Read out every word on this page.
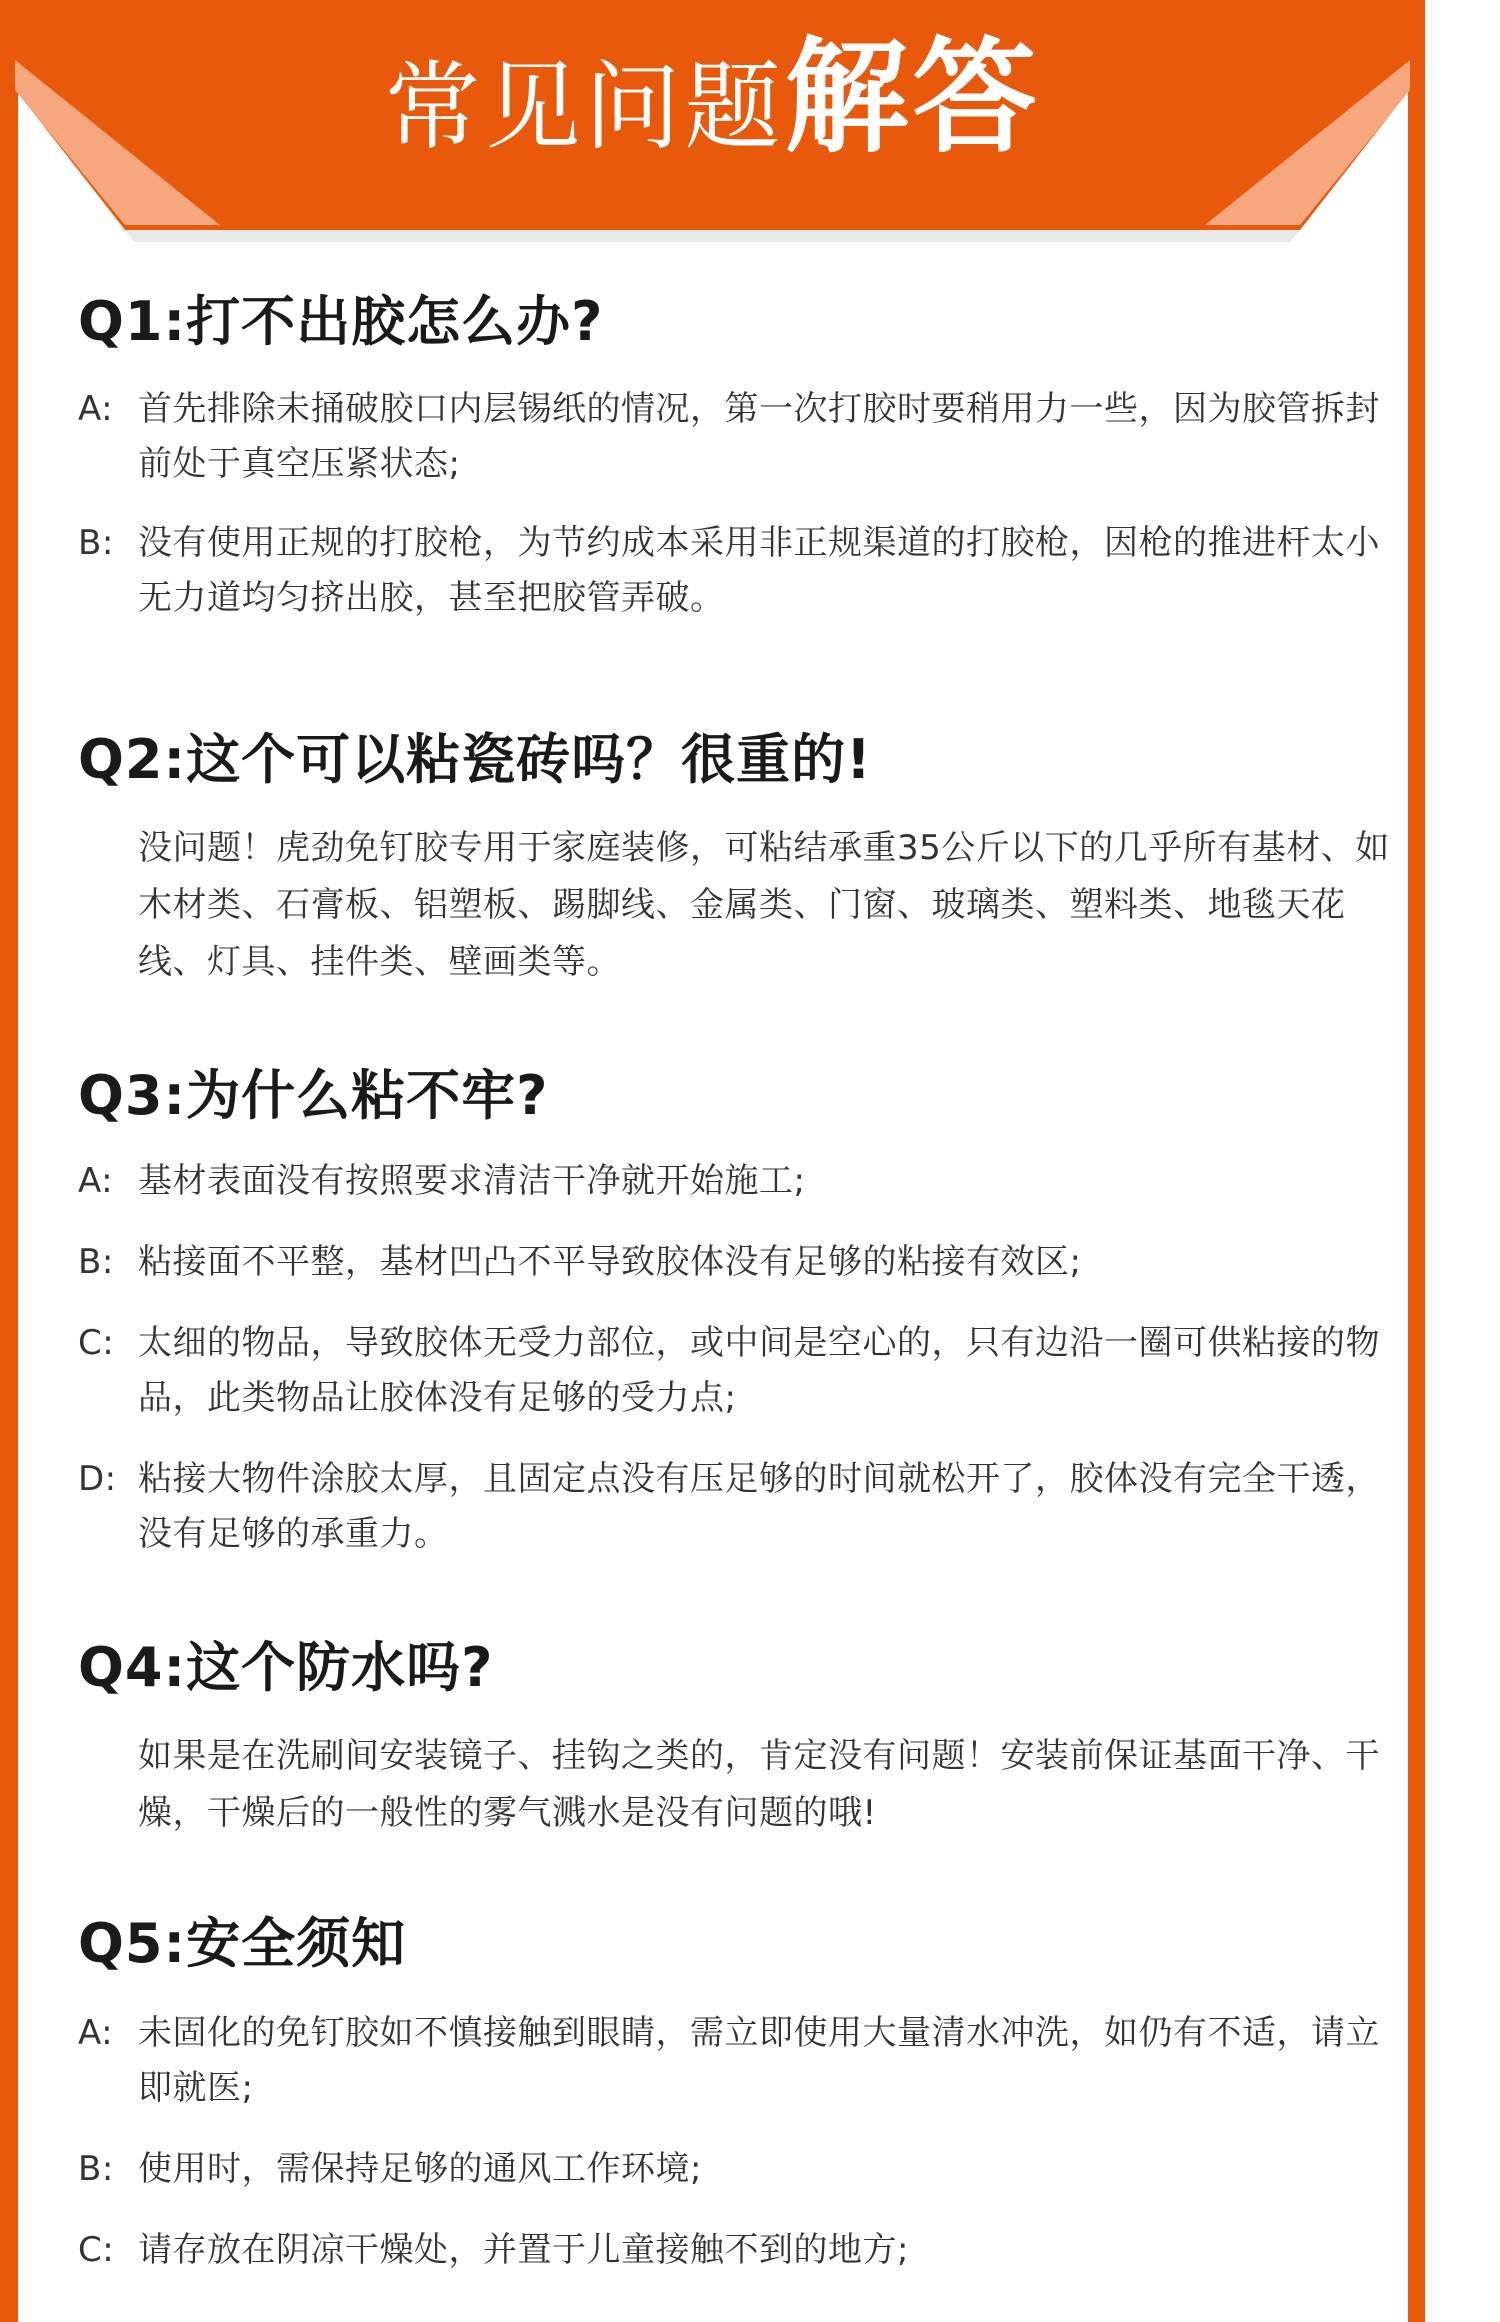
常见问题解答
Q1:打不出胶怎么办?
A: 首先排除未捅破胶口内层锡纸的情况，第一次打胶时要稍用力一些，因为胶管拆封前处于真空压紧状态;
B: 没有使用正规的打胶枪，为节约成本采用非正规渠道的打胶枪，因枪的推进杆太小无力道均匀挤出胶，甚至把胶管弄破。
Q2:这个可以粘瓷砖吗？很重的!
没问题！虎劲免钉胶专用于家庭装修，可粘结承重35公斤以下的几乎所有基材、如木材类、石膏板、铝塑板、踢脚线、金属类、门窗、玻璃类、塑料类、地毯天花线、灯具、挂件类、壁画类等。
Q3:为什么粘不牢?
A: 基材表面没有按照要求清洁干净就开始施工;
B: 粘接面不平整，基材凹凸不平导致胶体没有足够的粘接有效区;
C: 太细的物品，导致胶体无受力部位，或中间是空心的，只有边沿一圈可供粘接的物品，此类物品让胶体没有足够的受力点;
D: 粘接大物件涂胶太厚，且固定点没有压足够的时间就松开了，胶体没有完全干透，没有足够的承重力。
Q4:这个防水吗?
如果是在洗刷间安装镜子、挂钩之类的，肯定没有问题！安装前保证基面干净、干燥，干燥后的一般性的雾气溅水是没有问题的哦!
Q5:安全须知
A: 未固化的免钉胶如不慎接触到眼睛，需立即使用大量清水冲洗，如仍有不适，请立即就医;
B: 使用时，需保持足够的通风工作环境;
C: 请存放在阴凉干燥处，并置于儿童接触不到的地方;
